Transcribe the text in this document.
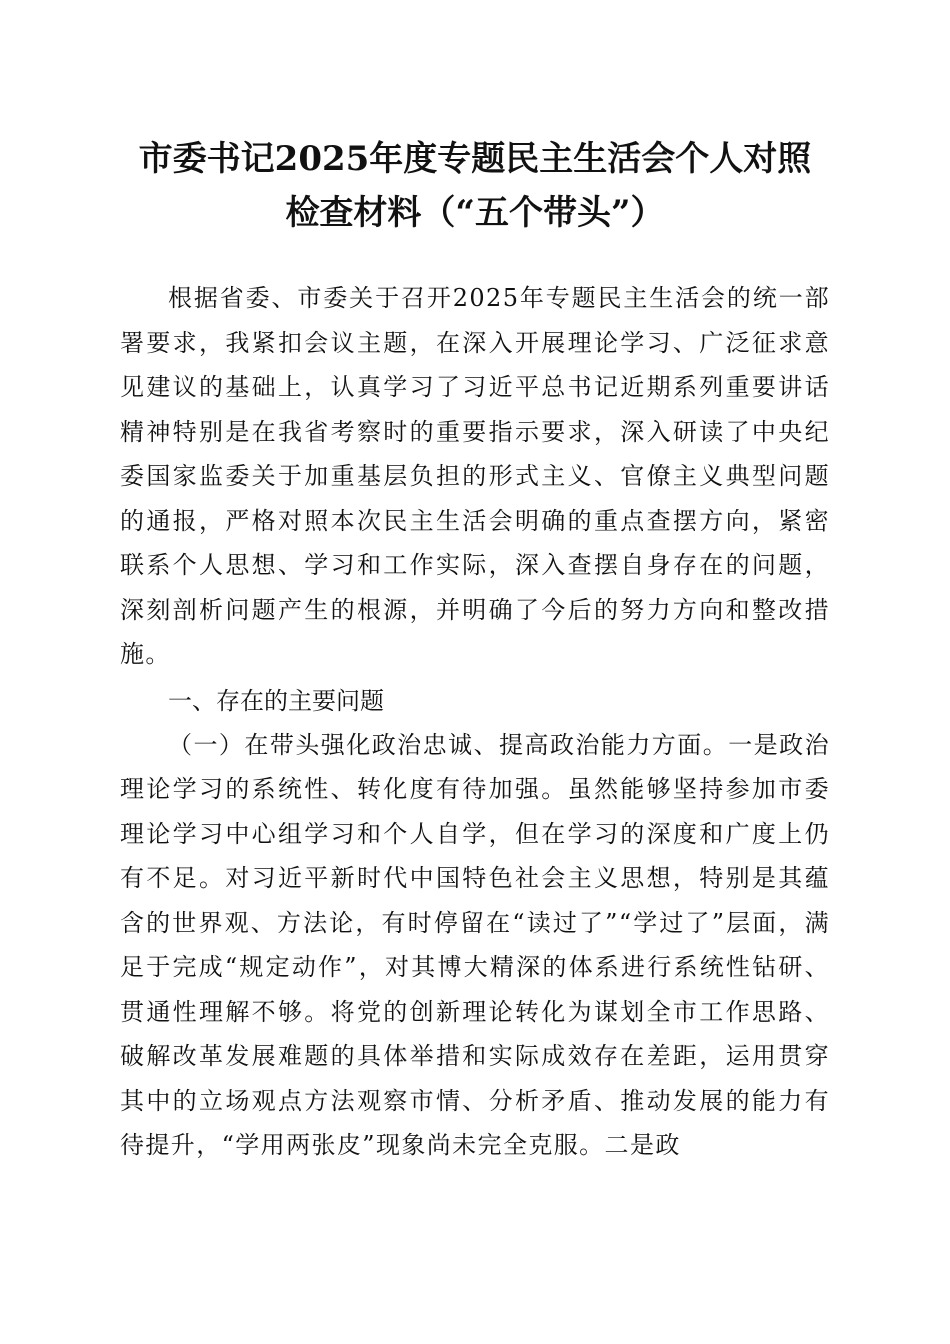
市委书记2025年度专题民主生活会个人对照
检查材料（“五个带头”）

根据省委、市委关于召开2025年专题民主生活会的统一部署要求，我紧扣会议主题，在深入开展理论学习、广泛征求意见建议的基础上，认真学习了习近平总书记近期系列重要讲话精神特别是在我省考察时的重要指示要求，深入研读了中央纪委国家监委关于加重基层负担的形式主义、官僚主义典型问题的通报，严格对照本次民主生活会明确的重点查摆方向，紧密联系个人思想、学习和工作实际，深入查摆自身存在的问题，深刻剖析问题产生的根源，并明确了今后的努力方向和整改措施。

一、存在的主要问题

（一）在带头强化政治忠诚、提高政治能力方面。一是政治理论学习的系统性、转化度有待加强。虽然能够坚持参加市委理论学习中心组学习和个人自学，但在学习的深度和广度上仍有不足。对习近平新时代中国特色社会主义思想，特别是其蕴含的世界观、方法论，有时停留在“读过了”“学过了”层面，满足于完成“规定动作”，对其博大精深的体系进行系统性钻研、贯通性理解不够。将党的创新理论转化为谋划全市工作思路、破解改革发展难题的具体举措和实际成效存在差距，运用贯穿其中的立场观点方法观察市情、分析矛盾、推动发展的能力有待提升，“学用两张皮”现象尚未完全克服。二是政
